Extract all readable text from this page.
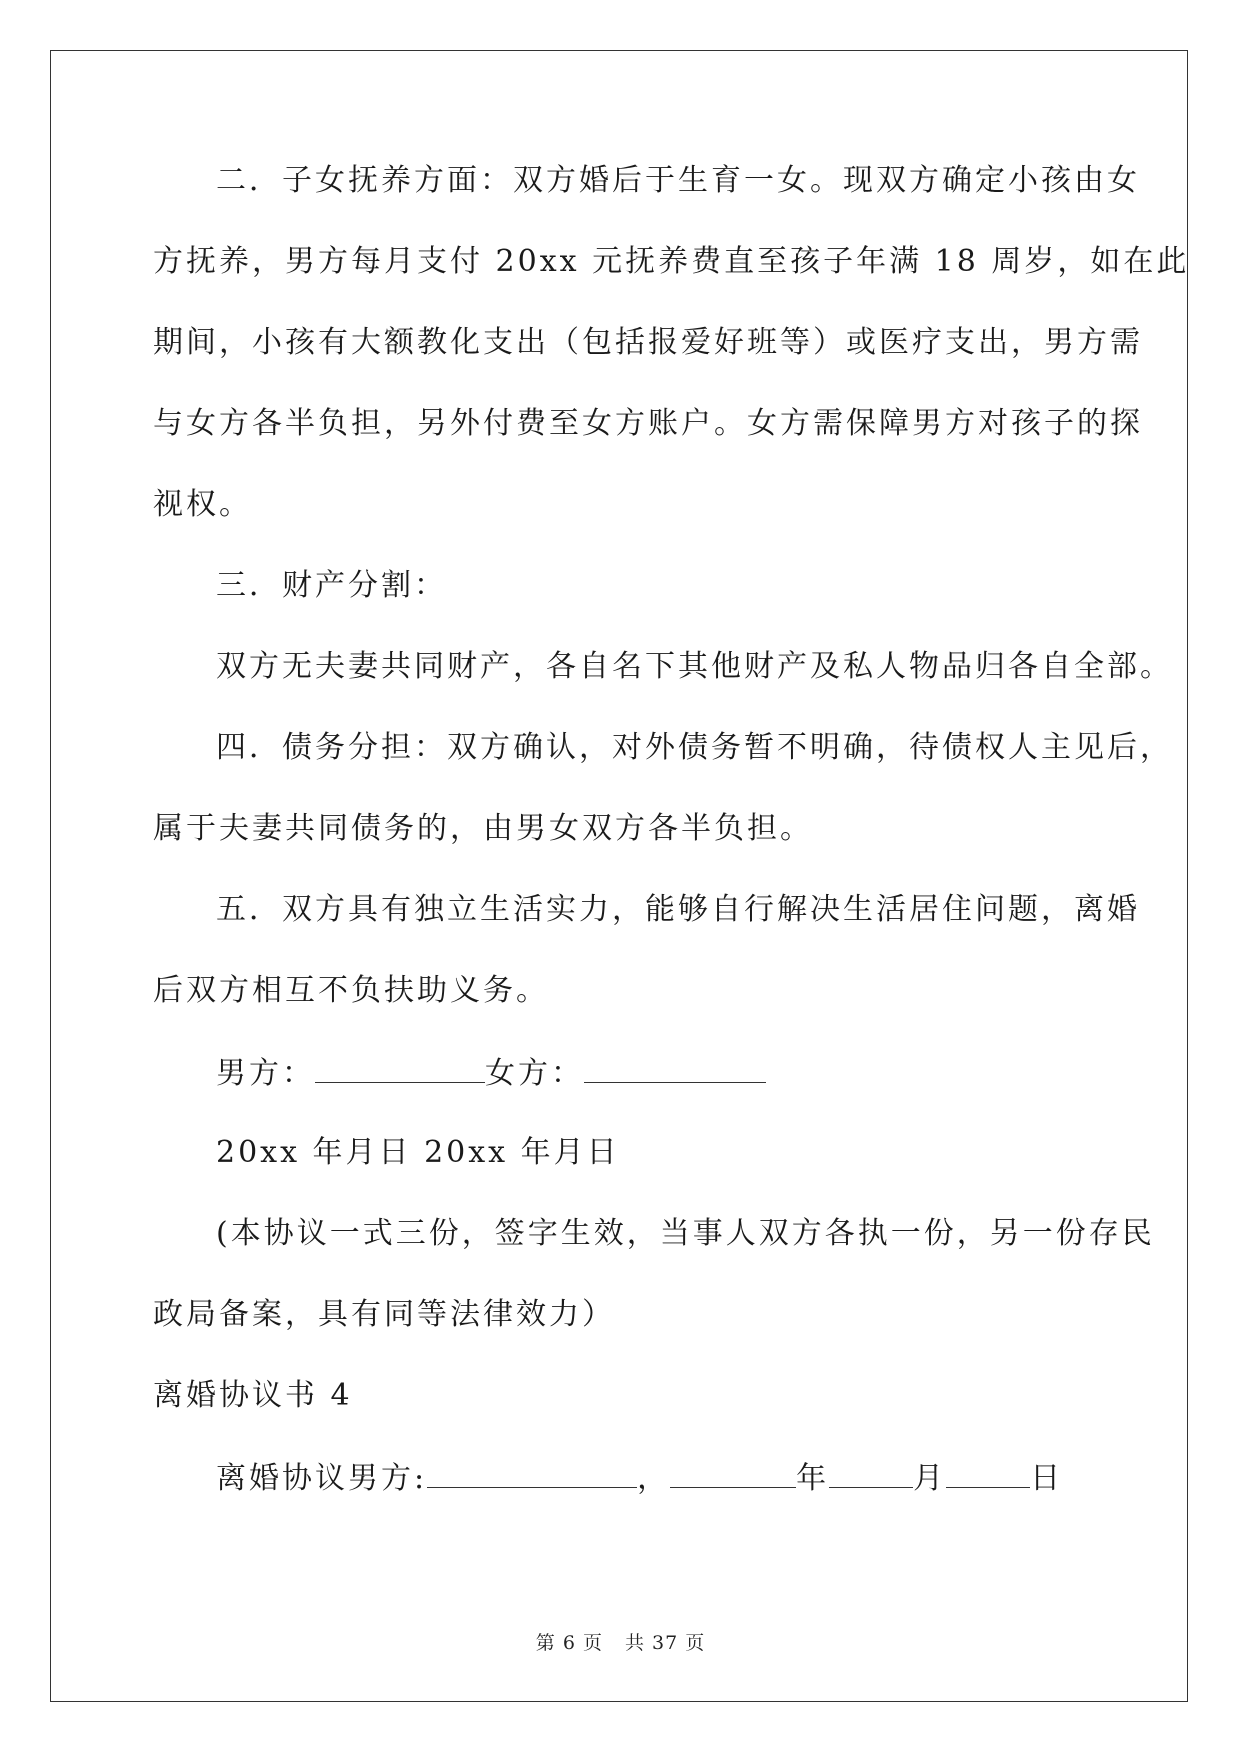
二．子女抚养方面：双方婚后于生育一女。现双方确定小孩由女
方抚养，男方每月支付 20xx 元抚养费直至孩子年满 18 周岁，如在此
期间，小孩有大额教化支出（包括报爱好班等）或医疗支出，男方需
与女方各半负担，另外付费至女方账户。女方需保障男方对孩子的探
视权。
三．财产分割：
双方无夫妻共同财产，各自名下其他财产及私人物品归各自全部。
四．债务分担：双方确认，对外债务暂不明确，待债权人主见后，
属于夫妻共同债务的，由男女双方各半负担。
五．双方具有独立生活实力，能够自行解决生活居住问题，离婚
后双方相互不负扶助义务。
男方：	女方：
20xx 年月日 20xx 年月日
(本协议一式三份，签字生效，当事人双方各执一份，另一份存民
政局备案，具有同等法律效力）
离婚协议书 4
离婚协议男方:	，	年	月	日
第 6 页 共 37 页
